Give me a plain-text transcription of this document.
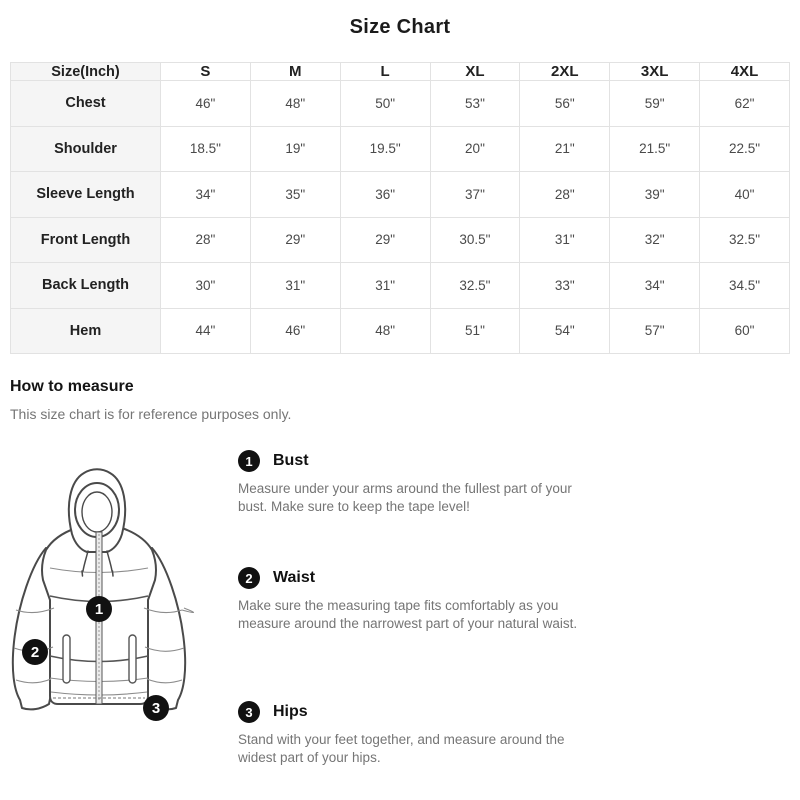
Size Chart
Size(Inch)	S	M	L	XL	2XL	3XL	4XL
Chest	46"	48"	50"	53"	56"	59"	62"
Shoulder	18.5"	19"	19.5"	20"	21"	21.5"	22.5"
Sleeve Length	34"	35"	36"	37"	28"	39"	40"
Front Length	28"	29"	29"	30.5"	31"	32"	32.5"
Back Length	30"	31"	31"	32.5"	33"	34"	34.5"
Hem	44"	46"	48"	51"	54"	57"	60"
How to measure

This size chart is for reference purposes only.

1
2
3
1	Bust

Measure under your arms around the fullest part of your bust. Make sure to keep the tape level!

2	Waist

Make sure the measuring tape fits comfortably as you measure around the narrowest part of your natural waist.

3	Hips

Stand with your feet together, and measure around the widest part of your hips.
